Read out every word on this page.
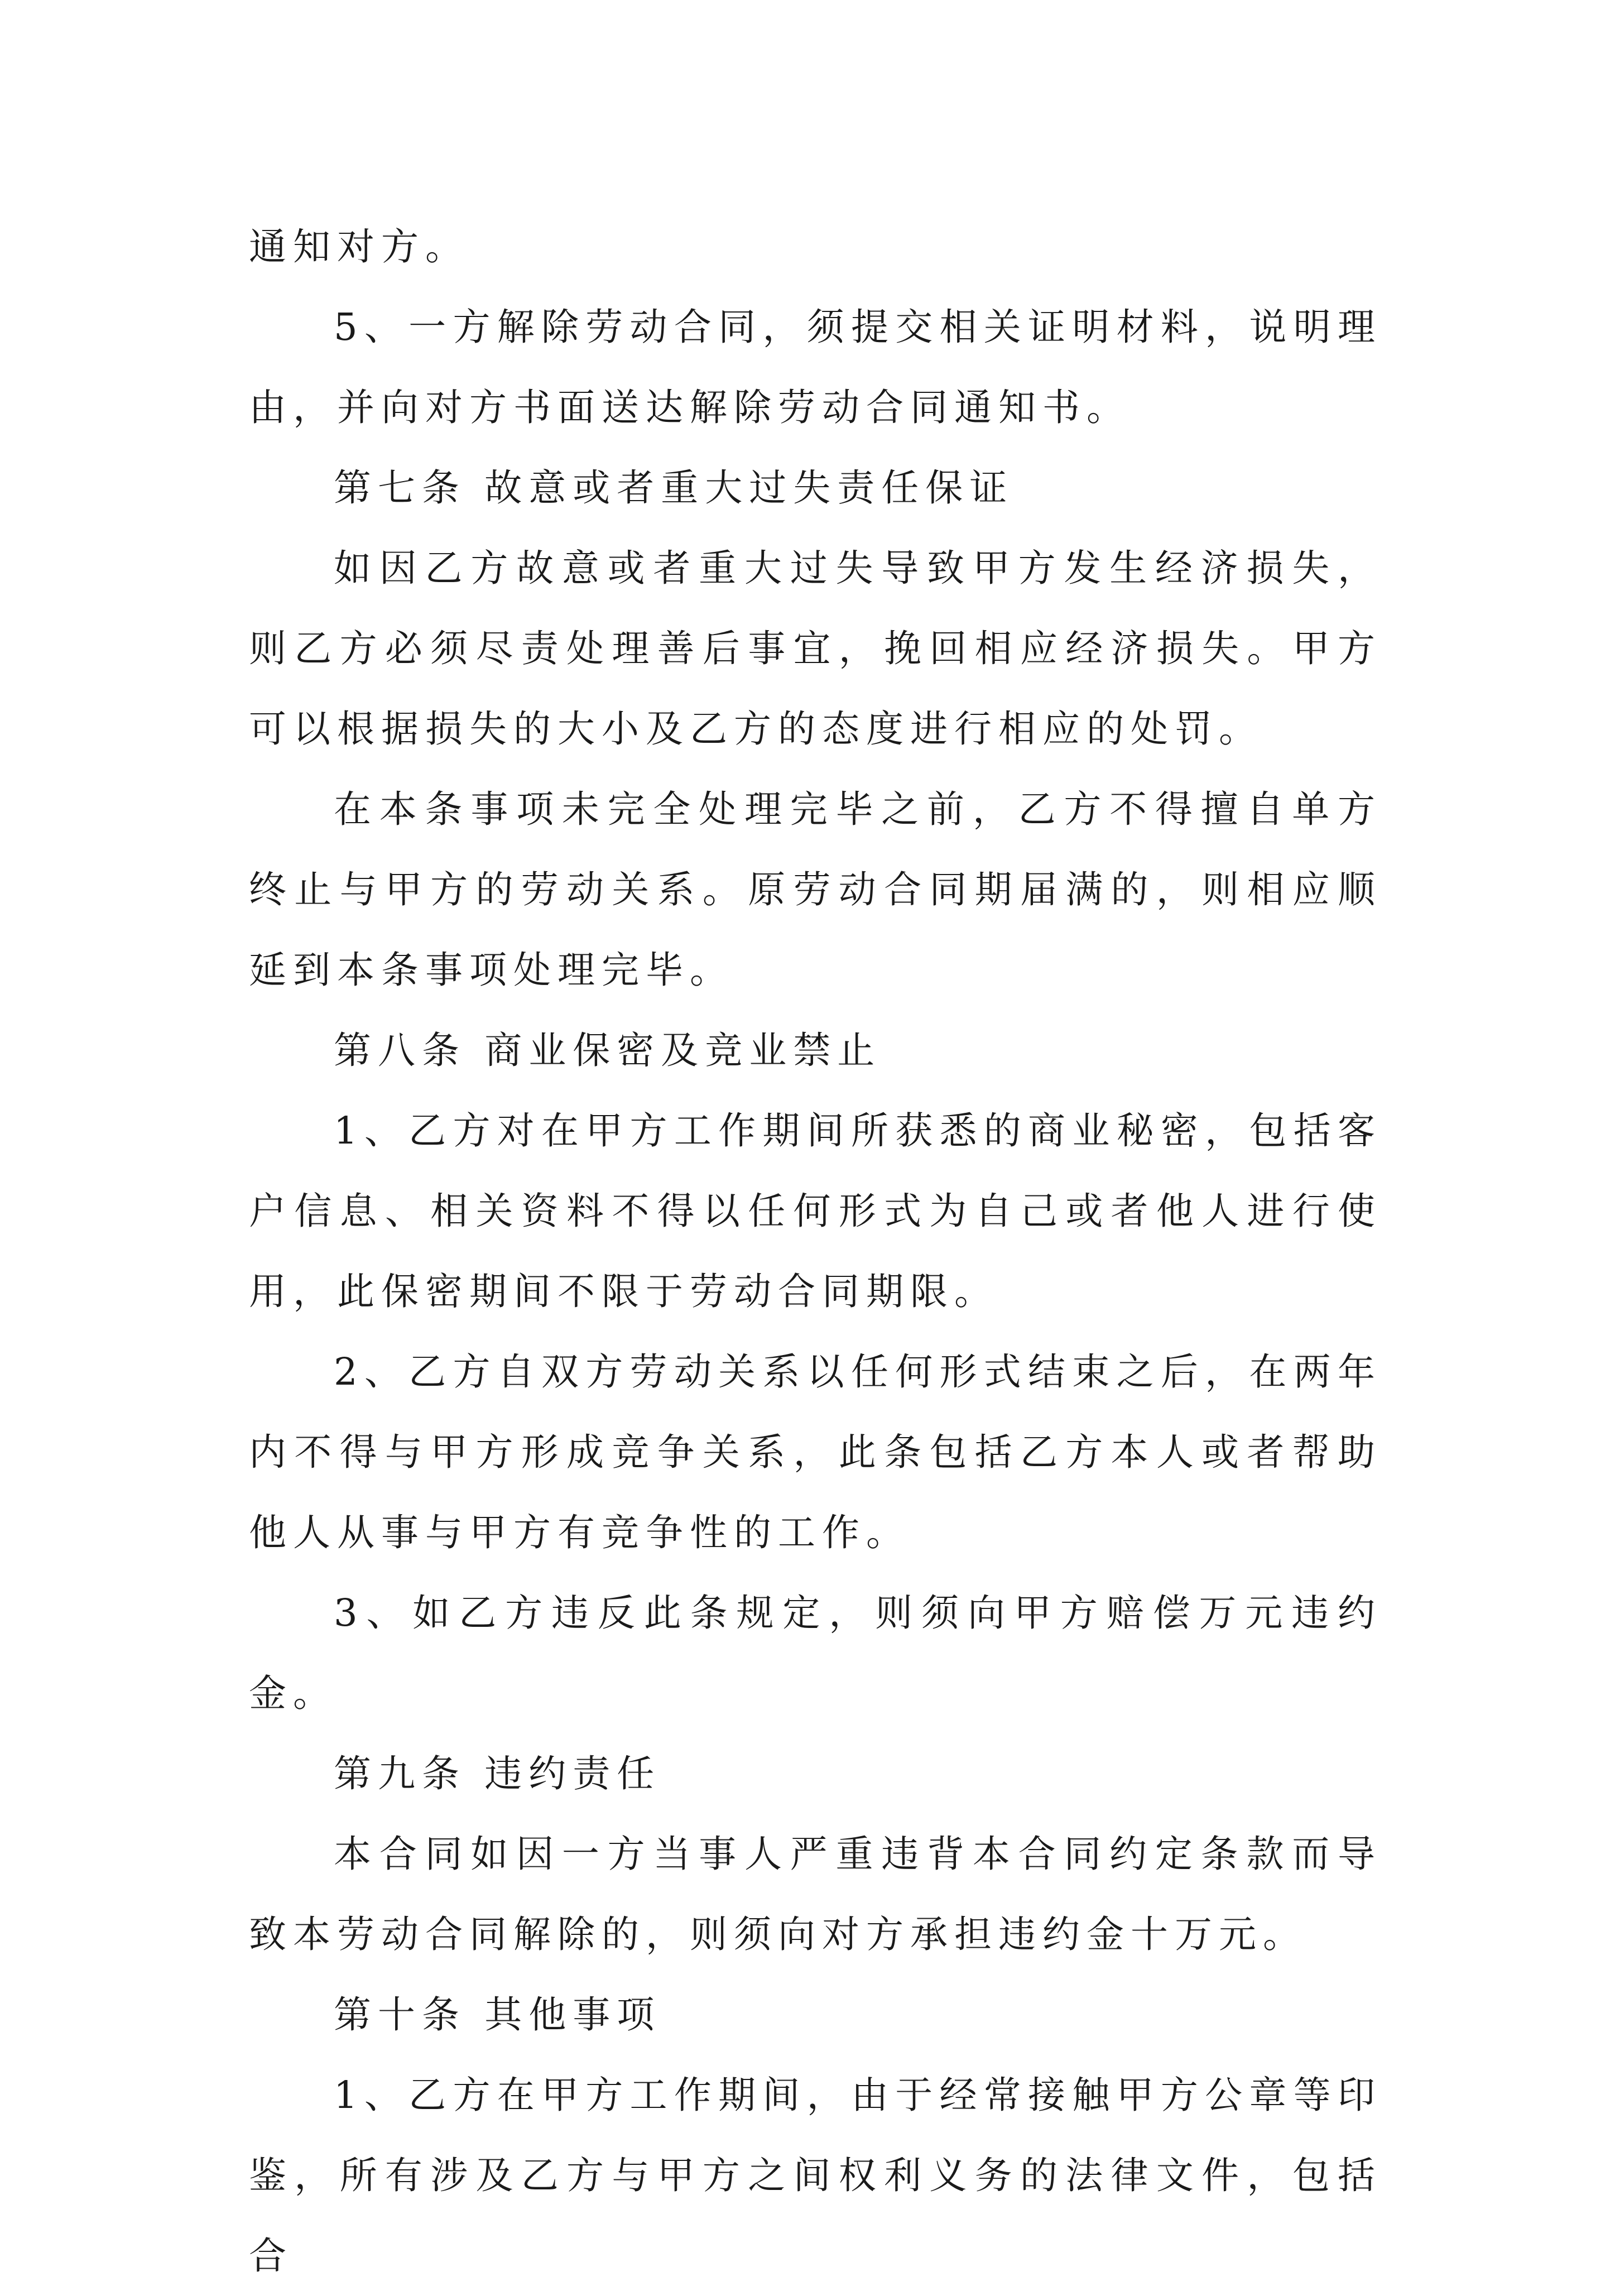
通知对方。

5、一方解除劳动合同，须提交相关证明材料，说明理由，并向对方书面送达解除劳动合同通知书。

第七条 故意或者重大过失责任保证

如因乙方故意或者重大过失导致甲方发生经济损失，则乙方必须尽责处理善后事宜，挽回相应经济损失。甲方可以根据损失的大小及乙方的态度进行相应的处罚。

在本条事项未完全处理完毕之前，乙方不得擅自单方终止与甲方的劳动关系。原劳动合同期届满的，则相应顺延到本条事项处理完毕。

第八条 商业保密及竞业禁止

1、乙方对在甲方工作期间所获悉的商业秘密，包括客户信息、相关资料不得以任何形式为自己或者他人进行使用，此保密期间不限于劳动合同期限。

2、乙方自双方劳动关系以任何形式结束之后，在两年内不得与甲方形成竞争关系，此条包括乙方本人或者帮助他人从事与甲方有竞争性的工作。

3、如乙方违反此条规定，则须向甲方赔偿万元违约金。

第九条 违约责任

本合同如因一方当事人严重违背本合同约定条款而导致本劳动合同解除的，则须向对方承担违约金十万元。

第十条 其他事项

1、乙方在甲方工作期间，由于经常接触甲方公章等印鉴，所有涉及乙方与甲方之间权利义务的法律文件，包括合
